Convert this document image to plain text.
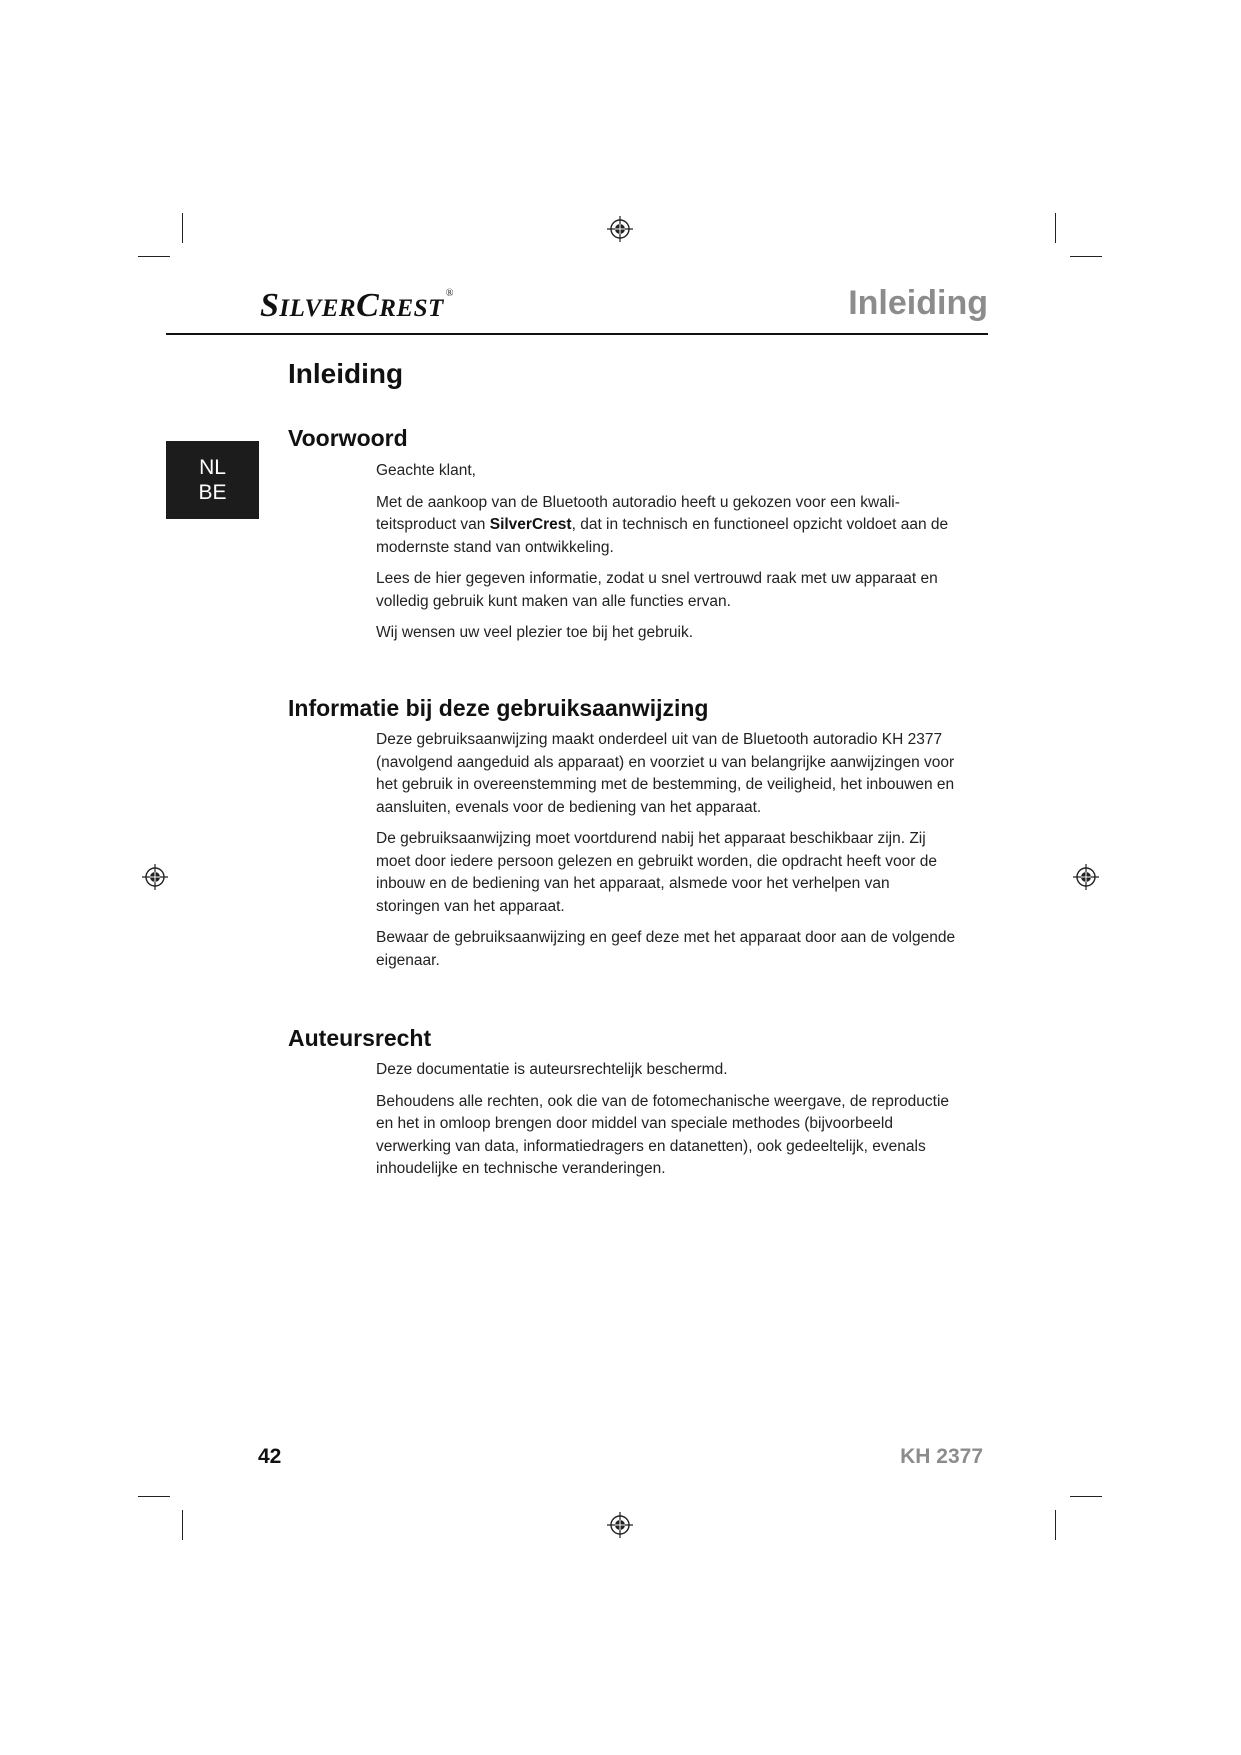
SILVERCREST®	Inleiding
NL
BE
Inleiding
Voorwoord

Geachte klant,

Met de aankoop van de Bluetooth autoradio heeft u gekozen voor een kwali-teitsproduct van SilverCrest, dat in technisch en functioneel opzicht voldoet aan de modernste stand van ontwikkeling.

Lees de hier gegeven informatie, zodat u snel vertrouwd raak met uw apparaat en volledig gebruik kunt maken van alle functies ervan.

Wij wensen uw veel plezier toe bij het gebruik.

Informatie bij deze gebruiksaanwijzing

Deze gebruiksaanwijzing maakt onderdeel uit van de Bluetooth autoradio KH 2377 (navolgend aangeduid als apparaat) en voorziet u van belangrijke aanwijzingen voor het gebruik in overeenstemming met de bestemming, de veiligheid, het inbouwen en aansluiten, evenals voor de bediening van het apparaat.

De gebruiksaanwijzing moet voortdurend nabij het apparaat beschikbaar zijn. Zij moet door iedere persoon gelezen en gebruikt worden, die opdracht heeft voor de inbouw en de bediening van het apparaat, alsmede voor het verhelpen van storingen van het apparaat.

Bewaar de gebruiksaanwijzing en geef deze met het apparaat door aan de volgende eigenaar.

Auteursrecht

Deze documentatie is auteursrechtelijk beschermd.

Behoudens alle rechten, ook die van de fotomechanische weergave, de reproductie en het in omloop brengen door middel van speciale methodes (bijvoorbeeld verwerking van data, informatiedragers en datanetten), ook gedeeltelijk, evenals inhoudelijke en technische veranderingen.

42	KH 2377
